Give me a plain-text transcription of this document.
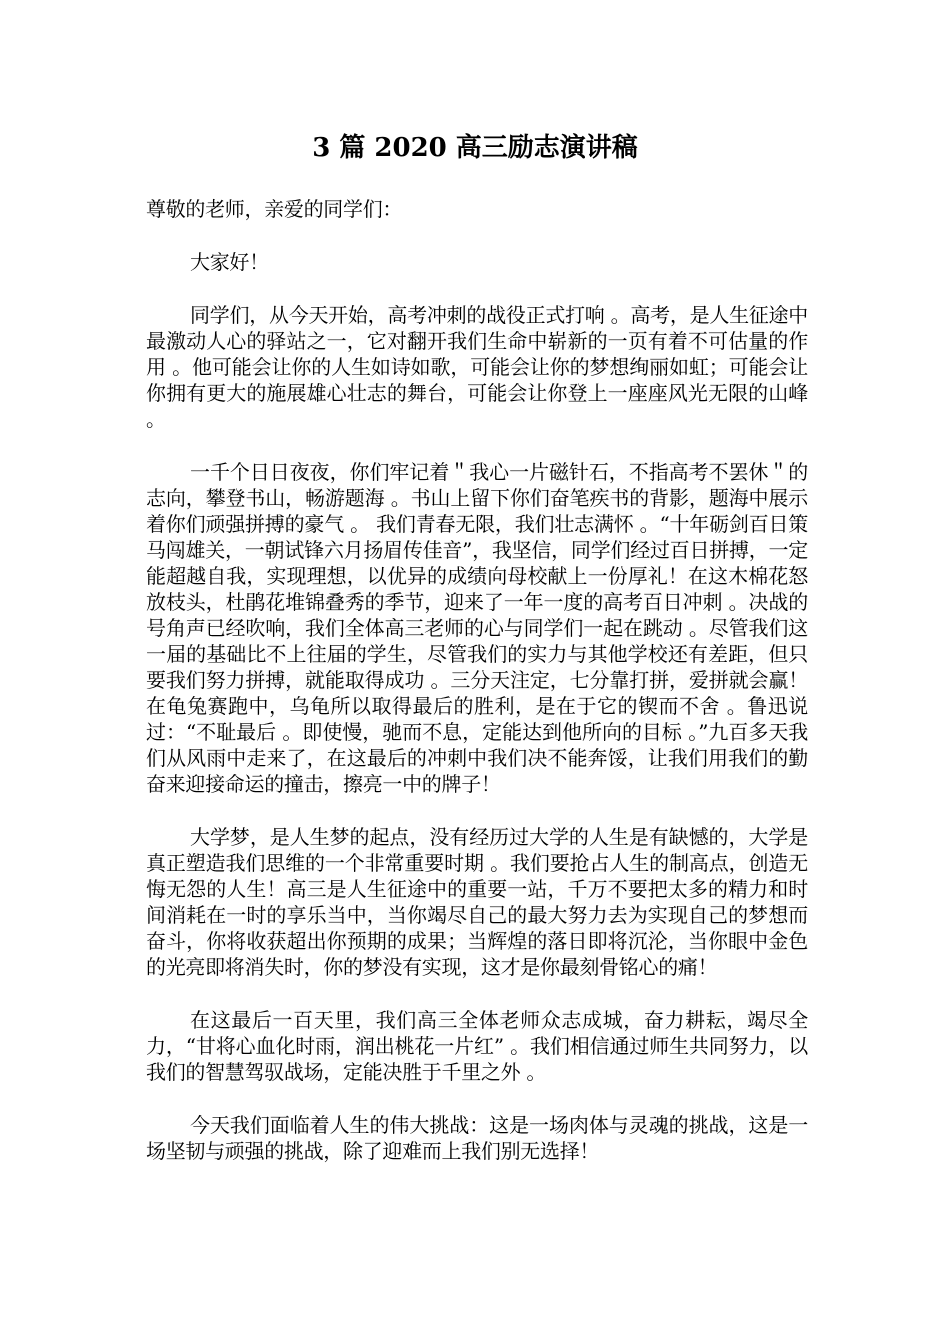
3 篇 2020 高三励志演讲稿

尊敬的老师，亲爱的同学们：

大家好！

同学们，从今天开始，高考冲刺的战役正式打响 。高考，是人生征途中最激动人心的驿站之一，它对翻开我们生命中崭新的一页有着不可估量的作用 。他可能会让你的人生如诗如歌，可能会让你的梦想绚丽如虹；可能会让你拥有更大的施展雄心壮志的舞台，可能会让你登上一座座风光无限的山峰 。

一千个日日夜夜，你们牢记着＂我心一片磁针石，不指高考不罢休＂的志向，攀登书山，畅游题海 。书山上留下你们奋笔疾书的背影，题海中展示着你们顽强拼搏的豪气 。 我们青春无限，我们壮志满怀 。“十年砺剑百日策马闯雄关，一朝试锋六月扬眉传佳音”，我坚信，同学们经过百日拼搏，一定能超越自我，实现理想，以优异的成绩向母校献上一份厚礼！在这木棉花怒放枝头，杜鹃花堆锦叠秀的季节，迎来了一年一度的高考百日冲刺 。决战的号角声已经吹响，我们全体高三老师的心与同学们一起在跳动 。尽管我们这一届的基础比不上往届的学生，尽管我们的实力与其他学校还有差距，但只要我们努力拼搏，就能取得成功 。三分天注定，七分靠打拼，爱拼就会赢！在龟兔赛跑中，乌龟所以取得最后的胜利，是在于它的锲而不舍 。鲁迅说过：“不耻最后 。即使慢，驰而不息，定能达到他所向的目标 。”九百多天我们从风雨中走来了，在这最后的冲刺中我们决不能奔馁，让我们用我们的勤奋来迎接命运的撞击，擦亮一中的牌子！

大学梦，是人生梦的起点，没有经历过大学的人生是有缺憾的，大学是真正塑造我们思维的一个非常重要时期 。我们要抢占人生的制高点，创造无悔无怨的人生！高三是人生征途中的重要一站，千万不要把太多的精力和时间消耗在一时的享乐当中，当你竭尽自己的最大努力去为实现自己的梦想而奋斗，你将收获超出你预期的成果；当辉煌的落日即将沉沦，当你眼中金色的光亮即将消失时，你的梦没有实现，这才是你最刻骨铭心的痛！

在这最后一百天里，我们高三全体老师众志成城，奋力耕耘，竭尽全力，“甘将心血化时雨，润出桃花一片红” 。我们相信通过师生共同努力，以我们的智慧驾驭战场，定能决胜于千里之外 。

今天我们面临着人生的伟大挑战：这是一场肉体与灵魂的挑战，这是一场坚韧与顽强的挑战，除了迎难而上我们别无选择！
